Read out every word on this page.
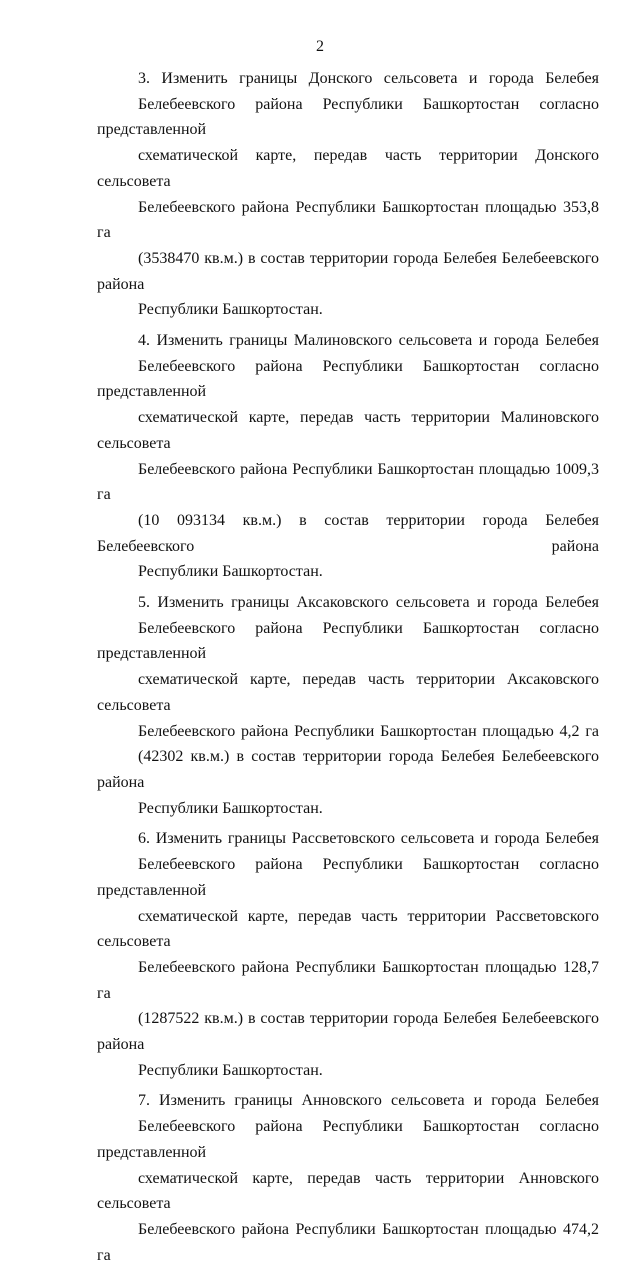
2

3. Изменить границы Донского сельсовета и города Белебея
Белебеевского района Республики Башкортостан согласно представленной
схематической карте, передав часть территории Донского сельсовета
Белебеевского района Республики Башкортостан площадью 353,8 га
(3538470 кв.м.) в состав территории города Белебея Белебеевского района
Республики Башкортостан.

4. Изменить границы Малиновского сельсовета и города Белебея
Белебеевского района Республики Башкортостан согласно представленной
схематической карте, передав часть территории Малиновского сельсовета
Белебеевского района Республики Башкортостан площадью 1009,3 га
(10 093134 кв.м.) в состав территории города Белебея Белебеевского района
Республики Башкортостан.

5. Изменить границы Аксаковского сельсовета и города Белебея
Белебеевского района Республики Башкортостан согласно представленной
схематической карте, передав часть территории Аксаковского сельсовета
Белебеевского района Республики Башкортостан площадью 4,2 га
(42302 кв.м.) в состав территории города Белебея Белебеевского района
Республики Башкортостан.

6. Изменить границы Рассветовского сельсовета и города Белебея
Белебеевского района Республики Башкортостан согласно представленной
схематической карте, передав часть территории Рассветовского сельсовета
Белебеевского района Республики Башкортостан площадью 128,7 га
(1287522 кв.м.) в состав территории города Белебея Белебеевского района
Республики Башкортостан.

7. Изменить границы Анновского сельсовета и города Белебея
Белебеевского района Республики Башкортостан согласно представленной
схематической карте, передав часть территории Анновского сельсовета
Белебеевского района Республики Башкортостан площадью 474,2 га
